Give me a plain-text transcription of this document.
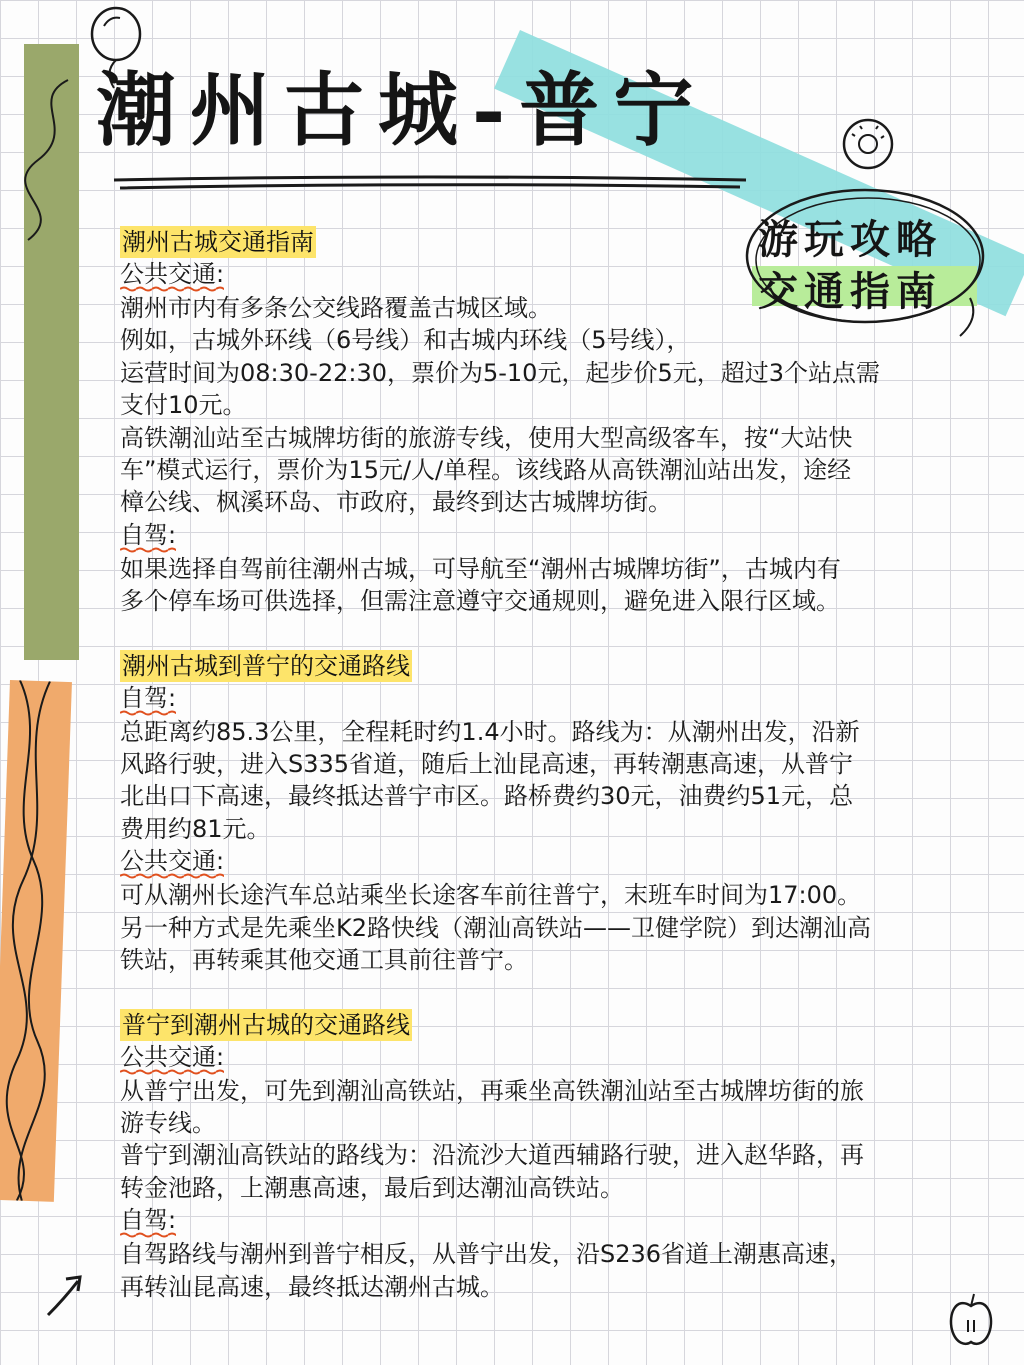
潮州古城-普宁
游玩攻略
交通指南
潮州古城交通指南
公共交通:

潮州市内有多条公交线路覆盖古城区域。

例如，古城外环线（6号线）和古城内环线（5号线），

运营时间为08:30-22:30，票价为5-10元，起步价5元，超过3个站点需

支付10元。

高铁潮汕站至古城牌坊街的旅游专线，使用大型高级客车，按“大站快

车”模式运行，票价为15元/人/单程。该线路从高铁潮汕站出发，途经

樟公线、枫溪环岛、市政府，最终到达古城牌坊街。

自驾:

如果选择自驾前往潮州古城，可导航至“潮州古城牌坊街”，古城内有

多个停车场可供选择，但需注意遵守交通规则，避免进入限行区域。

潮州古城到普宁的交通路线
自驾:

总距离约85.3公里，全程耗时约1.4小时。路线为：从潮州出发，沿新

风路行驶，进入S335省道，随后上汕昆高速，再转潮惠高速，从普宁

北出口下高速，最终抵达普宁市区。路桥费约30元，油费约51元，总

费用约81元。

公共交通:

可从潮州长途汽车总站乘坐长途客车前往普宁，末班车时间为17:00。

另一种方式是先乘坐K2路快线（潮汕高铁站——卫健学院）到达潮汕高

铁站，再转乘其他交通工具前往普宁。

普宁到潮州古城的交通路线
公共交通:

从普宁出发，可先到潮汕高铁站，再乘坐高铁潮汕站至古城牌坊街的旅

游专线。

普宁到潮汕高铁站的路线为：沿流沙大道西辅路行驶，进入赵华路，再

转金池路，上潮惠高速，最后到达潮汕高铁站。

自驾:

自驾路线与潮州到普宁相反，从普宁出发，沿S236省道上潮惠高速，

再转汕昆高速，最终抵达潮州古城。
